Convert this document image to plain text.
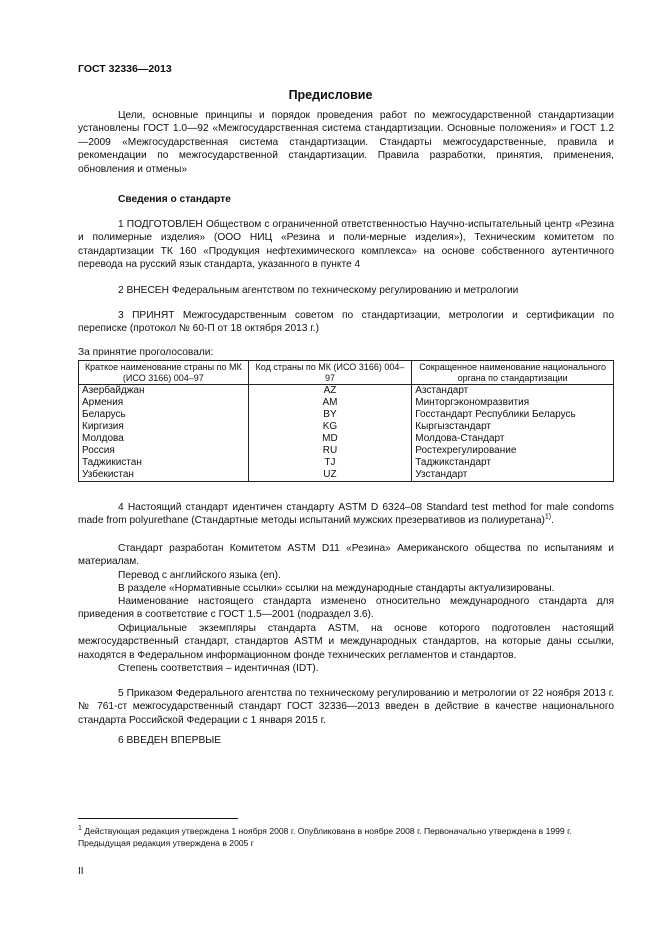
ГОСТ 32336—2013
Предисловие
Цели, основные принципы и порядок проведения работ по межгосударственной стандартизации установлены ГОСТ 1.0—92 «Межгосударственная система стандартизации. Основные положения» и ГОСТ 1.2—2009 «Межгосударственная система стандартизации. Стандарты межгосударственные, правила и рекомендации по межгосударственной стандартизации. Правила разработки, принятия, применения, обновления и отмены»
Сведения о стандарте
1 ПОДГОТОВЛЕН Обществом с ограниченной ответственностью Научно-испытательный центр «Резина и полимерные изделия» (ООО НИЦ «Резина и поли-мерные изделия»), Техническим комитетом по стандартизации ТК 160 «Продукция нефтехимического комплекса» на основе собственного аутентичного перевода на русский язык стандарта, указанного в пункте 4
2 ВНЕСЕН Федеральным агентством по техническому регулированию и метрологии
3 ПРИНЯТ Межгосударственным советом по стандартизации, метрологии и сертификации по переписке (протокол № 60-П от 18 октября 2013 г.)
За принятие проголосовали:
Краткое наименование страны по МК (ИСО 3166) 004–97	Код страны по МК (ИСО 3166) 004–97	Сокращенное наименование национального органа по стандартизации
Азербайджан	AZ	Азстандарт
Армения	AM	Минторгэкономразвития
Беларусь	BY	Госстандарт Республики Беларусь
Киргизия	KG	Кыргызстандарт
Молдова	MD	Молдова-Стандарт
Россия	RU	Ростехрегулирование
Таджикистан	TJ	Таджикстандарт
Узбекистан	UZ	Узстандарт
4 Настоящий стандарт идентичен стандарту ASTM D 6324–08 Standard test method for male condoms made from polyurethane (Стандартные методы испытаний мужских презервативов из полиуретана)$^{1)}$.
Стандарт разработан Комитетом ASTM D11 «Резина» Американского общества по испытаниям и материалам.
Перевод с английского языка (en).
В разделе «Нормативные ссылки» ссылки на международные стандарты актуализированы.
Наименование настоящего стандарта изменено относительно международного стандарта для приведения в соответствие с ГОСТ 1.5—2001 (подраздел 3.6).
Официальные экземпляры стандарта ASTM, на основе которого подготовлен настоящий межгосударственный стандарт, стандартов ASTM и международных стандартов, на которые даны ссылки, находятся в Федеральном информационном фонде технических регламентов и стандартов.
Степень соответствия – идентичная (IDT).
5 Приказом Федерального агентства по техническому регулированию и метрологии от 22 ноября 2013 г. № 761-ст межгосударственный стандарт ГОСТ 32336—2013 введен в действие в качестве национального стандарта Российской Федерации с 1 января 2015 г.
6 ВВЕДЕН ВПЕРВЫЕ
$^1$ Действующая редакция утверждена 1 ноября 2008 г. Опубликована в ноябре 2008 г. Первоначально утверждена в 1999 г. Предыдущая редакция утверждена в 2005 г
II
